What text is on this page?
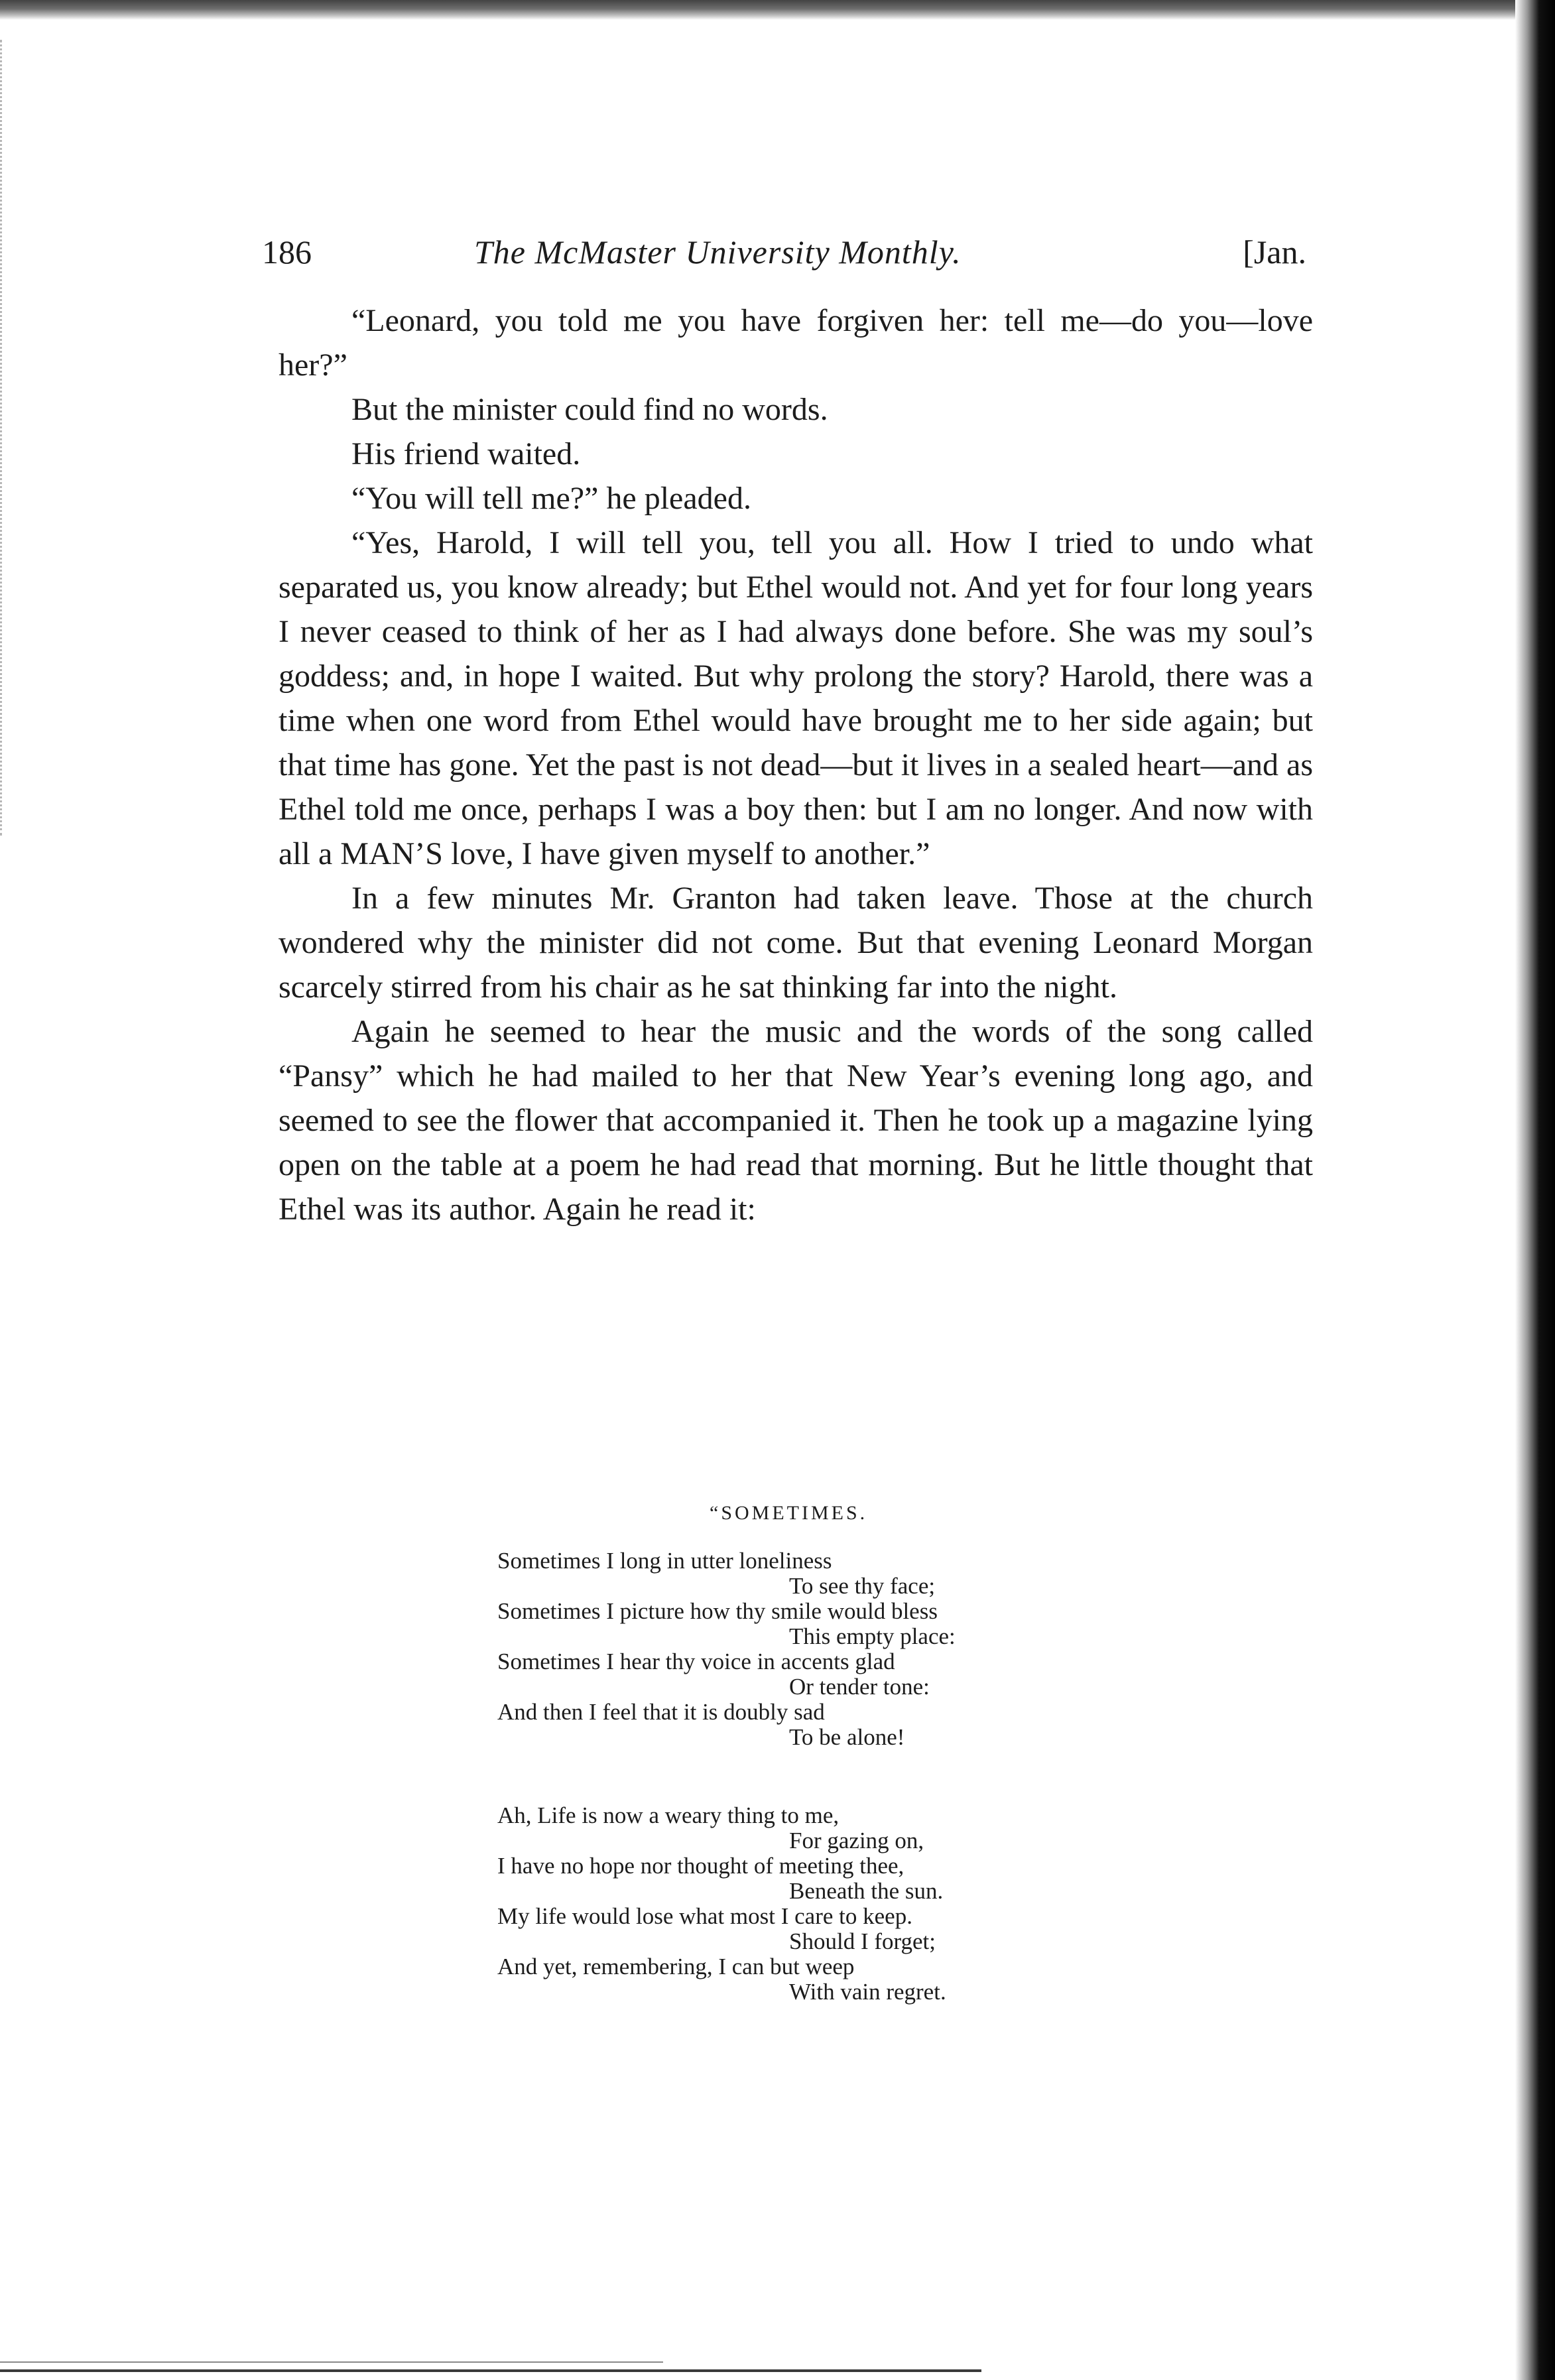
186	The McMaster University Monthly.	[Jan.

“Leonard, you told me you have forgiven her: tell me—do you—love her?”

But the minister could find no words.

His friend waited.

“You will tell me?” he pleaded.

“Yes, Harold, I will tell you, tell you all. How I tried to undo what separated us, you know already; but Ethel would not. And yet for four long years I never ceased to think of her as I had always done before. She was my soul’s goddess; and, in hope I waited. But why prolong the story? Harold, there was a time when one word from Ethel would have brought me to her side again; but that time has gone. Yet the past is not dead—but it lives in a sealed heart—and as Ethel told me once, perhaps I was a boy then: but I am no longer. And now with all a MAN’S love, I have given myself to another.”

In a few minutes Mr. Granton had taken leave. Those at the church wondered why the minister did not come. But that evening Leonard Morgan scarcely stirred from his chair as he sat thinking far into the night.

Again he seemed to hear the music and the words of the song called “Pansy” which he had mailed to her that New Year’s evening long ago, and seemed to see the flower that accompanied it. Then he took up a magazine lying open on the table at a poem he had read that morning. But he little thought that Ethel was its author. Again he read it:

“SOMETIMES.
Sometimes I long in utter loneliness
To see thy face;
Sometimes I picture how thy smile would bless
This empty place:
Sometimes I hear thy voice in accents glad
Or tender tone:
And then I feel that it is doubly sad
To be alone!
Ah, Life is now a weary thing to me,
For gazing on,
I have no hope nor thought of meeting thee,
Beneath the sun.
My life would lose what most I care to keep.
Should I forget;
And yet, remembering, I can but weep
With vain regret.
